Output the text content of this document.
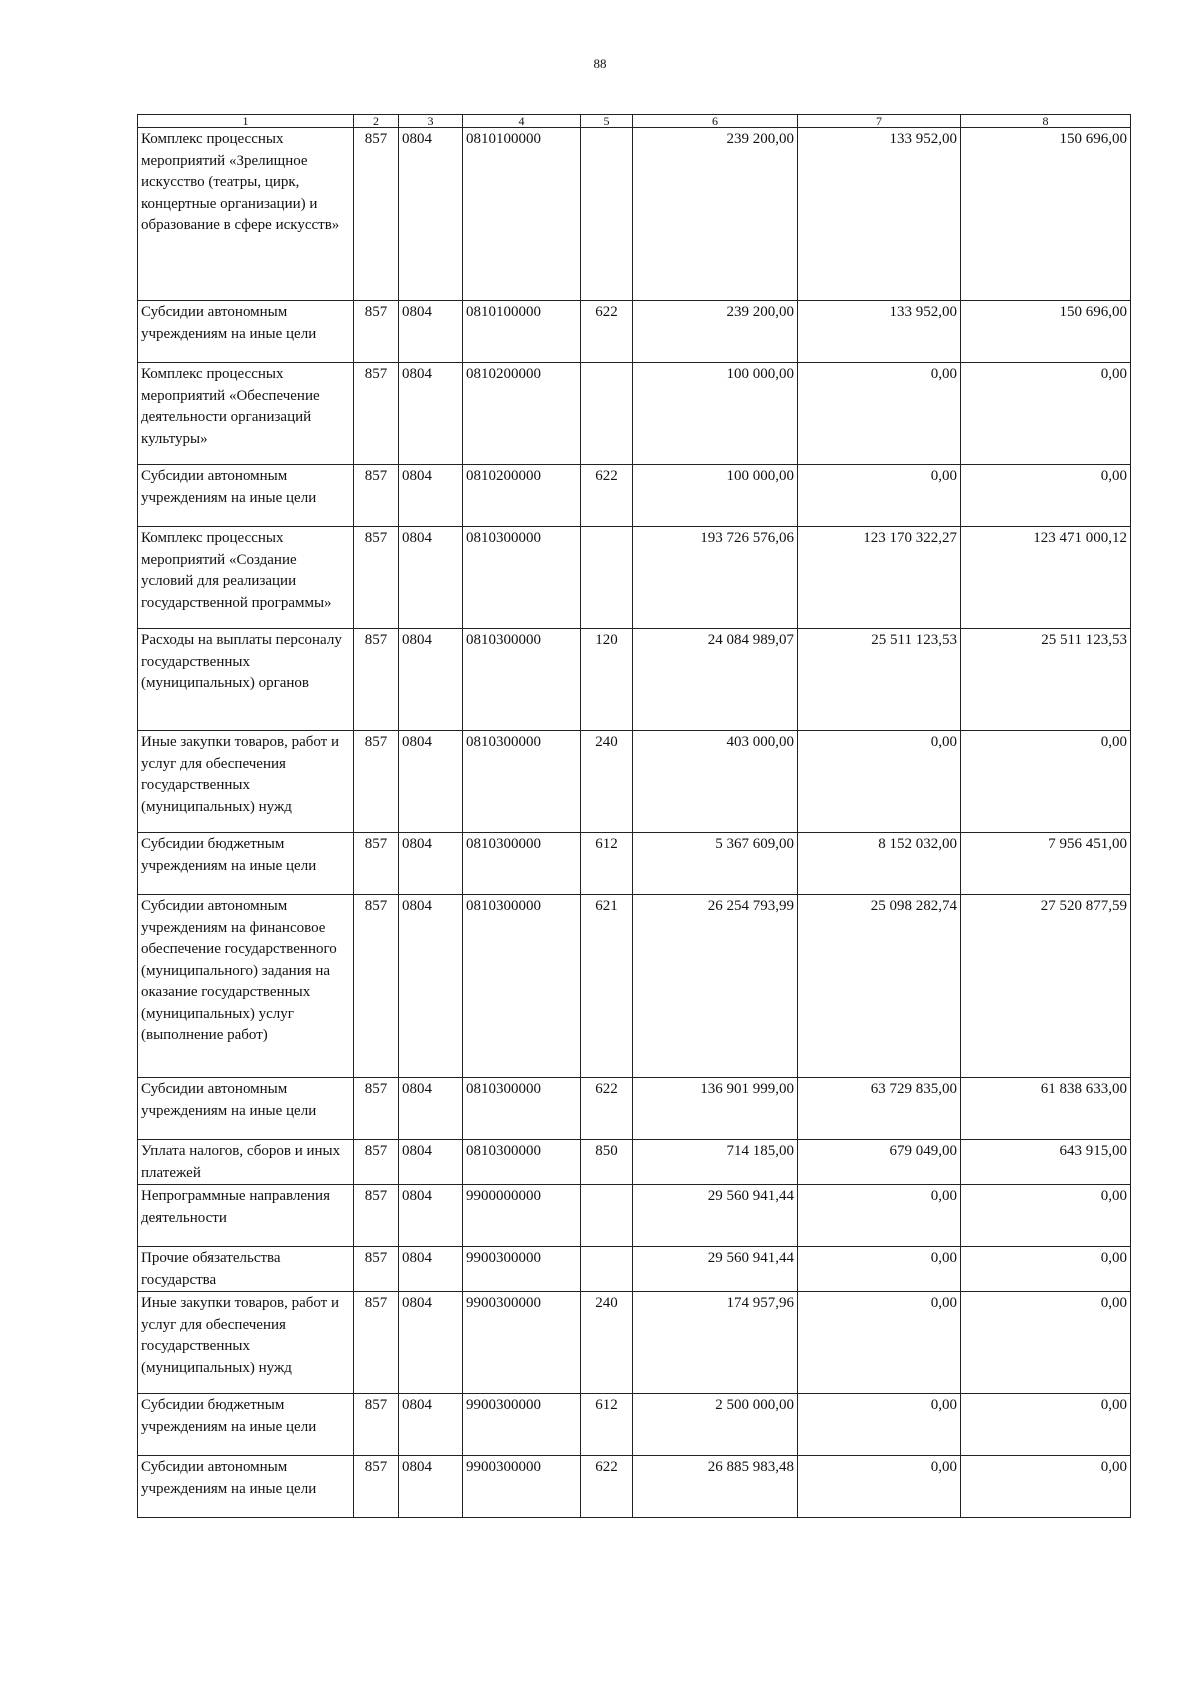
88
1	2	3	4	5	6	7	8
Комплекс процессных мероприятий «Зрелищное искусство (театры, цирк, концертные организации) и образование в сфере искусств»	857	0804	0810100000		239 200,00	133 952,00	150 696,00
Субсидии автономным учреждениям на иные цели	857	0804	0810100000	622	239 200,00	133 952,00	150 696,00
Комплекс процессных мероприятий «Обеспечение деятельности организаций культуры»	857	0804	0810200000		100 000,00	0,00	0,00
Субсидии автономным учреждениям на иные цели	857	0804	0810200000	622	100 000,00	0,00	0,00
Комплекс процессных мероприятий «Создание условий для реализации государственной программы»	857	0804	0810300000		193 726 576,06	123 170 322,27	123 471 000,12
Расходы на выплаты персоналу государственных (муниципальных) органов	857	0804	0810300000	120	24 084 989,07	25 511 123,53	25 511 123,53
Иные закупки товаров, работ и услуг для обеспечения государственных (муниципальных) нужд	857	0804	0810300000	240	403 000,00	0,00	0,00
Субсидии бюджетным учреждениям на иные цели	857	0804	0810300000	612	5 367 609,00	8 152 032,00	7 956 451,00
Субсидии автономным учреждениям на финансовое обеспечение государственного (муниципального) задания на оказание государственных (муниципальных) услуг (выполнение работ)	857	0804	0810300000	621	26 254 793,99	25 098 282,74	27 520 877,59
Субсидии автономным учреждениям на иные цели	857	0804	0810300000	622	136 901 999,00	63 729 835,00	61 838 633,00
Уплата налогов, сборов и иных платежей	857	0804	0810300000	850	714 185,00	679 049,00	643 915,00
Непрограммные направления деятельности	857	0804	9900000000		29 560 941,44	0,00	0,00
Прочие обязательства государства	857	0804	9900300000		29 560 941,44	0,00	0,00
Иные закупки товаров, работ и услуг для обеспечения государственных (муниципальных) нужд	857	0804	9900300000	240	174 957,96	0,00	0,00
Субсидии бюджетным учреждениям на иные цели	857	0804	9900300000	612	2 500 000,00	0,00	0,00
Субсидии автономным учреждениям на иные цели	857	0804	9900300000	622	26 885 983,48	0,00	0,00
